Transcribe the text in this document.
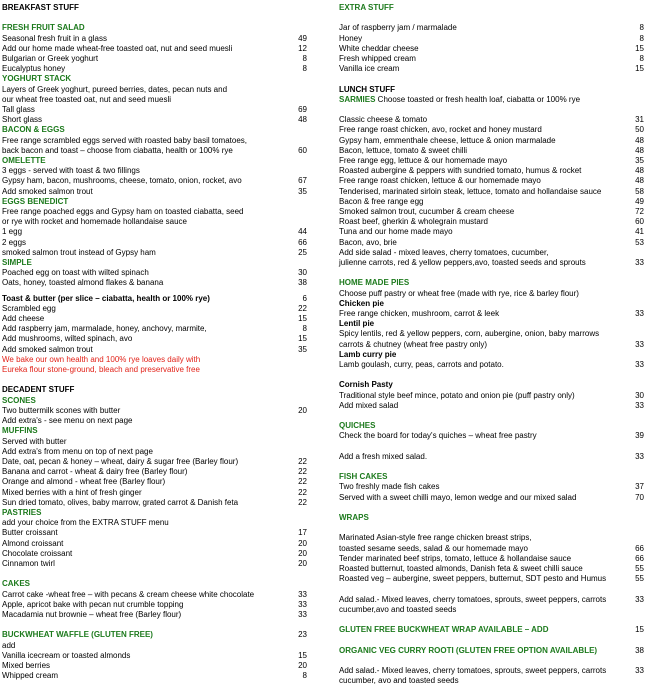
BREAKFAST STUFF
FRESH FRUIT SALAD
Seasonal fresh fruit in a glass	49
Add our home made wheat-free toasted oat, nut and seed muesli	12
Bulgarian or Greek yoghurt	8
Eucalyptus honey	8
YOGHURT STACK
Layers of Greek yoghurt, pureed berries, dates, pecan nuts and
our wheat free toasted oat, nut and seed muesli
Tall glass	69
Short glass	48
BACON & EGGS
Free range scrambled eggs served with roasted baby basil tomatoes,
back bacon and toast – choose from ciabatta, health or 100% rye	60
OMELETTE
3 eggs - served with toast & two fillings
Gypsy ham, bacon, mushrooms, cheese, tomato, onion, rocket, avo	67
Add smoked salmon trout	35
EGGS BENEDICT
Free range poached eggs and Gypsy ham on toasted ciabatta, seed
or rye with rocket and homemade hollandaise sauce
1 egg	44
2 eggs	66
smoked salmon trout instead of Gypsy ham	25
SIMPLE
Poached egg on toast with wilted spinach	30
Oats, honey, toasted almond flakes & banana	38
Toast & butter (per slice – ciabatta, health or 100% rye)	6
Scrambled egg	22
Add cheese	15
Add raspberry jam, marmalade, honey, anchovy, marmite,	8
Add mushrooms, wilted spinach, avo	15
Add smoked salmon trout	35
We bake our own health and 100% rye loaves daily with
Eureka flour stone-ground, bleach and preservative free
DECADENT STUFF
SCONES
Two buttermilk scones with butter	20
Add extra's - see menu on next page
MUFFINS
Served with butter
Add extra's from menu on top of next page
Date, oat, pecan & honey – wheat, dairy & sugar free (Barley flour)	22
Banana and carrot - wheat & dairy free (Barley flour)	22
Orange and almond - wheat free (Barley flour)	22
Mixed berries with a hint of fresh ginger	22
Sun dried tomato, olives, baby marrow, grated carrot & Danish feta	22
PASTRIES
add your choice from the EXTRA STUFF menu
Butter croissant	17
Almond croissant	20
Chocolate croissant	20
Cinnamon twirl	20
CAKES
Carrot cake -wheat free – with pecans & cream cheese white chocolate	33
Apple, apricot bake with pecan nut crumble topping	33
Macadamia nut brownie – wheat free (Barley flour)	33
BUCKWHEAT WAFFLE (GLUTEN FREE)	23
add
Vanilla icecream or toasted almonds	15
Mixed berries	20
Whipped cream	8
EXTRA STUFF
Jar of raspberry jam / marmalade	8
Honey	8
White cheddar cheese	15
Fresh whipped cream	8
Vanilla ice cream	15
LUNCH STUFF
SARMIES Choose toasted or fresh health loaf, ciabatta or 100% rye
Classic cheese & tomato	31
Free range roast chicken, avo, rocket and honey mustard	50
Gypsy ham, emmenthale cheese, lettuce & onion marmalade	48
Bacon, lettuce, tomato & sweet chilli	48
Free range egg, lettuce & our homemade mayo	35
Roasted aubergine & peppers with sundried tomato, humus & rocket	48
Free range roast chicken, lettuce & our homemade mayo	48
Tenderised, marinated sirloin steak, lettuce, tomato and hollandaise sauce	58
Bacon & free range egg	49
Smoked salmon trout, cucumber & cream cheese	72
Roast beef, gherkin & wholegrain mustard	60
Tuna and our home made mayo	41
Bacon, avo, brie	53
Add side salad - mixed leaves, cherry tomatoes, cucumber,
julienne carrots, red & yellow peppers,avo, toasted seeds and sprouts	33
HOME MADE PIES
Choose puff pastry or wheat free (made with rye, rice & barley flour)
Chicken pie
Free range chicken, mushroom, carrot & leek	33
Lentil pie
Spicy lentils, red & yellow peppers, corn, aubergine, onion, baby marrows
carrots & chutney (wheat free pastry only)	33
Lamb curry pie
Lamb goulash, curry, peas, carrots and potato.	33
Cornish Pasty
Traditional style beef mince, potato and onion pie (puff pastry only)	30
Add mixed salad	33
QUICHES
Check the board for today's quiches – wheat free pastry	39
Add a fresh mixed salad.	33
FISH CAKES
Two freshly made fish cakes	37
Served with a sweet chilli mayo, lemon wedge and our mixed salad	70
WRAPS
Marinated Asian-style free range chicken breast strips,
toasted sesame seeds, salad & our homemade mayo	66
Tender marinated beef strips, tomato, lettuce & hollandaise sauce	66
Roasted butternut, toasted almonds, Danish feta & sweet chilli sauce	55
Roasted veg – aubergine, sweet peppers, butternut, SDT pesto and Humus	55
Add salad.- Mixed leaves, cherry tomatoes, sprouts, sweet peppers, carrots	33
cucumber,avo and toasted seeds
GLUTEN FREE BUCKWHEAT WRAP AVAILABLE – ADD	15
ORGANIC VEG CURRY ROOTI (GLUTEN FREE OPTION AVAILABLE)	38
Add salad.- Mixed leaves, cherry tomatoes, sprouts, sweet peppers, carrots	33
cucumber, avo and toasted seeds
